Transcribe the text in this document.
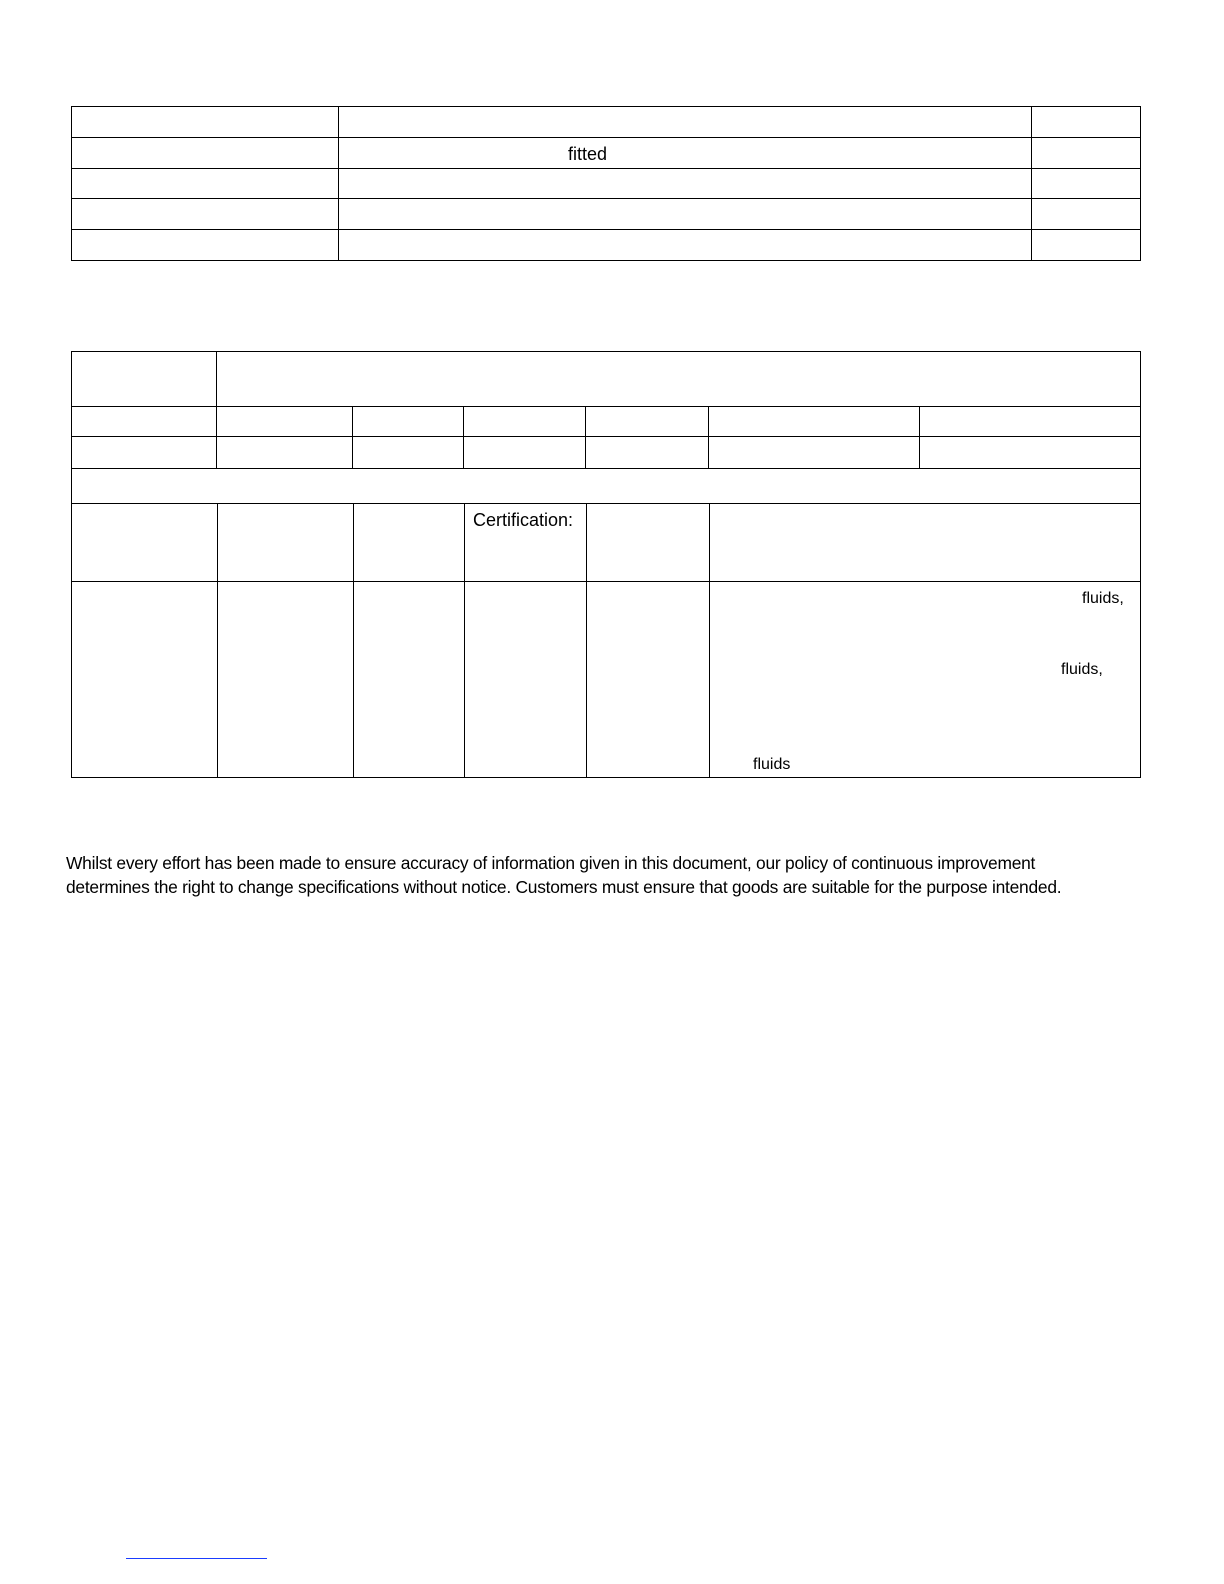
fitted
Certification:
fluids,
fluids,
fluids
Whilst every effort has been made to ensure accuracy of information given in this document, our policy of continuous improvement
determines the right to change specifications without notice. Customers must ensure that goods are suitable for the purpose intended.
